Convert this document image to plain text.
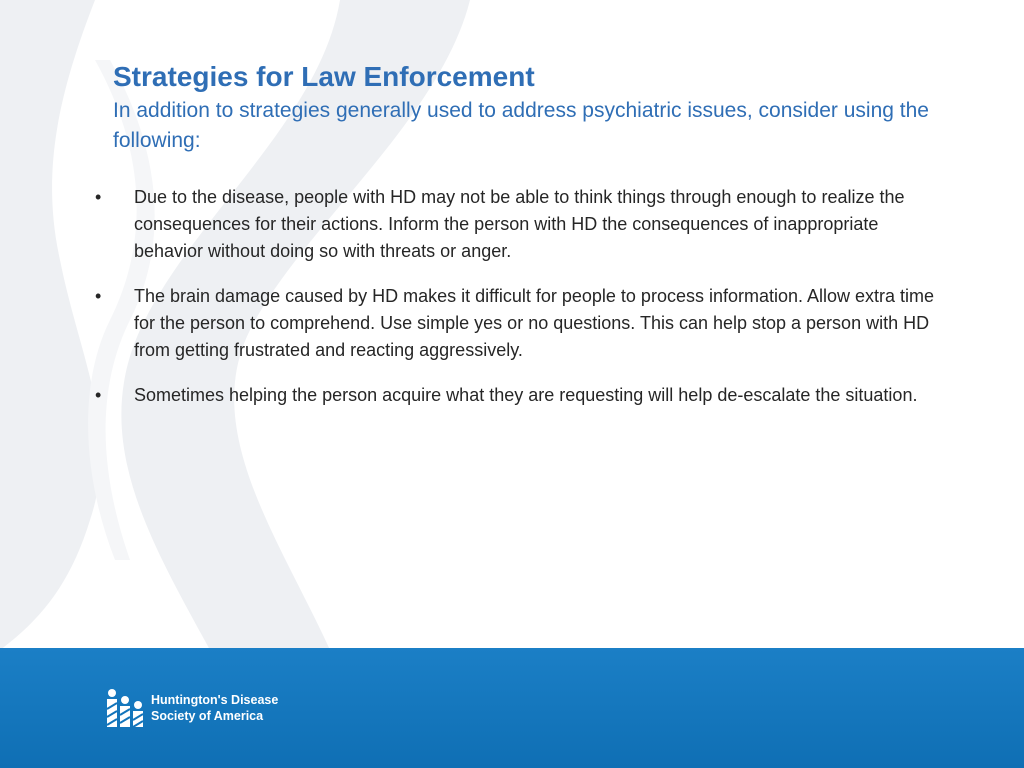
Strategies for Law Enforcement

In addition to strategies generally used to address psychiatric issues, consider using the following:

•	Due to the disease, people with HD may not be able to think things through enough to realize the consequences for their actions. Inform the person with HD the consequences of inappropriate behavior without doing so with threats or anger.
•	The brain damage caused by HD makes it difficult for people to process information. Allow extra time for the person to comprehend. Use simple yes or no questions. This can help stop a person with HD from getting frustrated and reacting aggressively.
•	Sometimes helping the person acquire what they are requesting will help de-escalate the situation.
Huntington's Disease
Society of America
